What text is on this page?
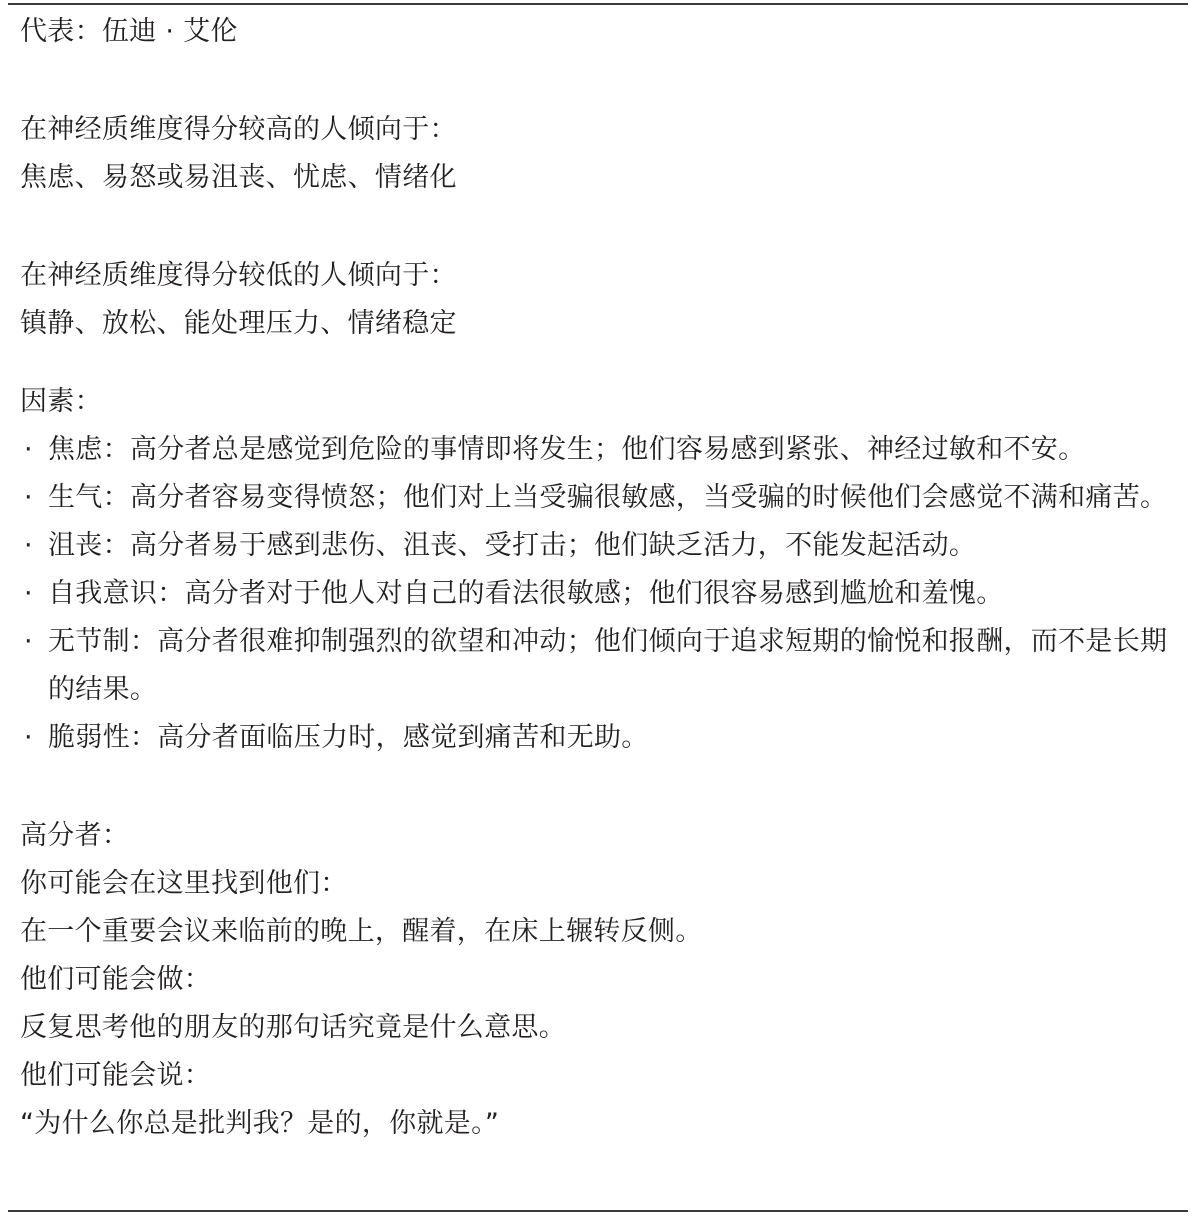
代表：伍迪 · 艾伦
在神经质维度得分较高的人倾向于：
焦虑、易怒或易沮丧、忧虑、情绪化
在神经质维度得分较低的人倾向于：
镇静、放松、能处理压力、情绪稳定
因素：
· 焦虑：高分者总是感觉到危险的事情即将发生；他们容易感到紧张、神经过敏和不安。
· 生气：高分者容易变得愤怒；他们对上当受骗很敏感，当受骗的时候他们会感觉不满和痛苦。
· 沮丧：高分者易于感到悲伤、沮丧、受打击；他们缺乏活力，不能发起活动。
· 自我意识：高分者对于他人对自己的看法很敏感；他们很容易感到尴尬和羞愧。
· 无节制：高分者很难抑制强烈的欲望和冲动；他们倾向于追求短期的愉悦和报酬，而不是长期的结果。
· 脆弱性：高分者面临压力时，感觉到痛苦和无助。
高分者：
你可能会在这里找到他们：
在一个重要会议来临前的晚上，醒着，在床上辗转反侧。
他们可能会做：
反复思考他的朋友的那句话究竟是什么意思。
他们可能会说：
“为什么你总是批判我？是的，你就是。”
